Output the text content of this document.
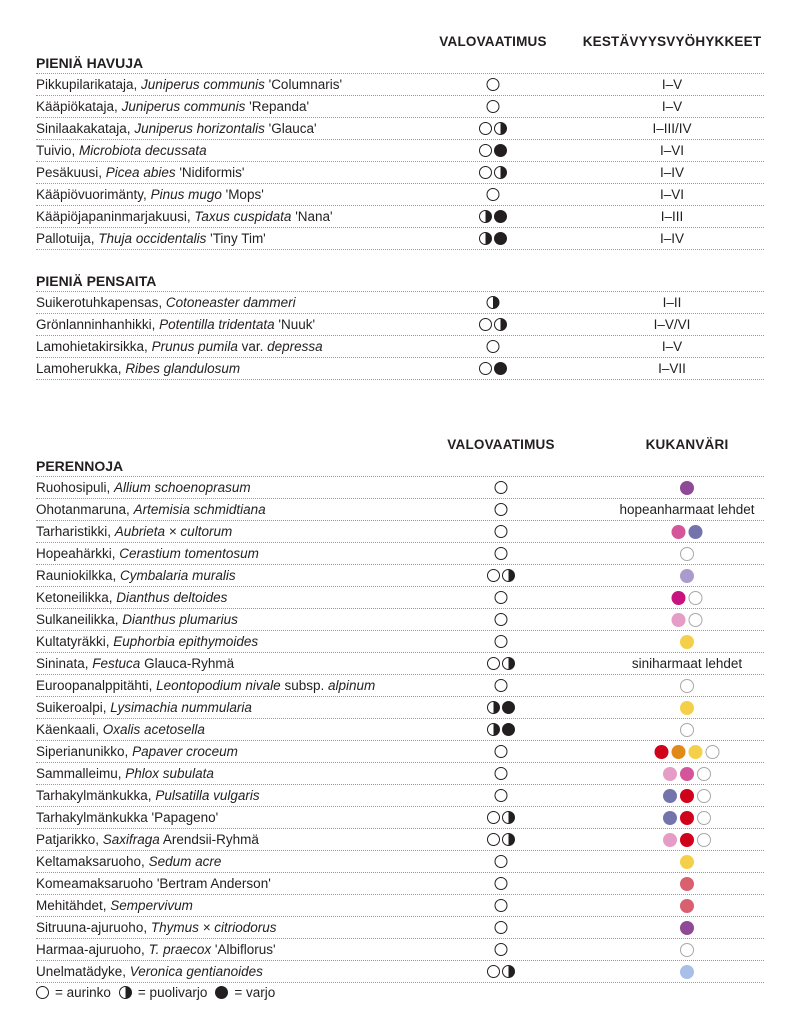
VALOVAATIMUS	KESTÄVYYSVYÖHYKKEET
PIENIÄ HAVUJA
Pikkupilarikataja, Juniperus communis 'Columnaris'	I–V
Kääpiökataja, Juniperus communis 'Repanda'	I–V
Sinilaakakataja, Juniperus horizontalis 'Glauca'	I–III/IV
Tuivio, Microbiota decussata	I–VI
Pesäkuusi, Picea abies 'Nidiformis'	I–IV
Kääpiövuorimänty, Pinus mugo 'Mops'	I–VI
Kääpiöjapaninmarjakuusi, Taxus cuspidata 'Nana'	I–III
Pallotuija, Thuja occidentalis 'Tiny Tim'	I–IV
PIENIÄ PENSAITA
Suikerotuhkapensas, Cotoneaster dammeri	I–II
Grönlanninhanhikki, Potentilla tridentata 'Nuuk'	I–V/VI
Lamohietakirsikka, Prunus pumila var. depressa	I–V
Lamoherukka, Ribes glandulosum	I–VII
VALOVAATIMUS	KUKANVÄRI
PERENNOJA
Ruohosipuli, Allium schoenoprasum
Ohotanmaruna, Artemisia schmidtiana	hopeanharmaat lehdet
Tarharistikki, Aubrieta × cultorum
Hopeahärkki, Cerastium tomentosum
Rauniokilkka, Cymbalaria muralis
Ketoneilikka, Dianthus deltoides
Sulkaneilikka, Dianthus plumarius
Kultatyräkki, Euphorbia epithymoides
Sininata, Festuca Glauca-Ryhmä	siniharmaat lehdet
Euroopanalppitähti, Leontopodium nivale subsp. alpinum
Suikeroalpi, Lysimachia nummularia
Käenkaali, Oxalis acetosella
Siperianunikko, Papaver croceum
Sammalleimu, Phlox subulata
Tarhakylmänkukka, Pulsatilla vulgaris
Tarhakylmänkukka 'Papageno'
Patjarikko, Saxifraga Arendsii-Ryhmä
Keltamaksaruoho, Sedum acre
Komeamaksaruoho 'Bertram Anderson'
Mehitähdet, Sempervivum
Sitruuna-ajuruoho, Thymus × citriodorus
Harmaa-ajuruoho, T. praecox 'Albiflorus'
Unelmatädyke, Veronica gentianoides
= aurinko = puolivarjo = varjo
